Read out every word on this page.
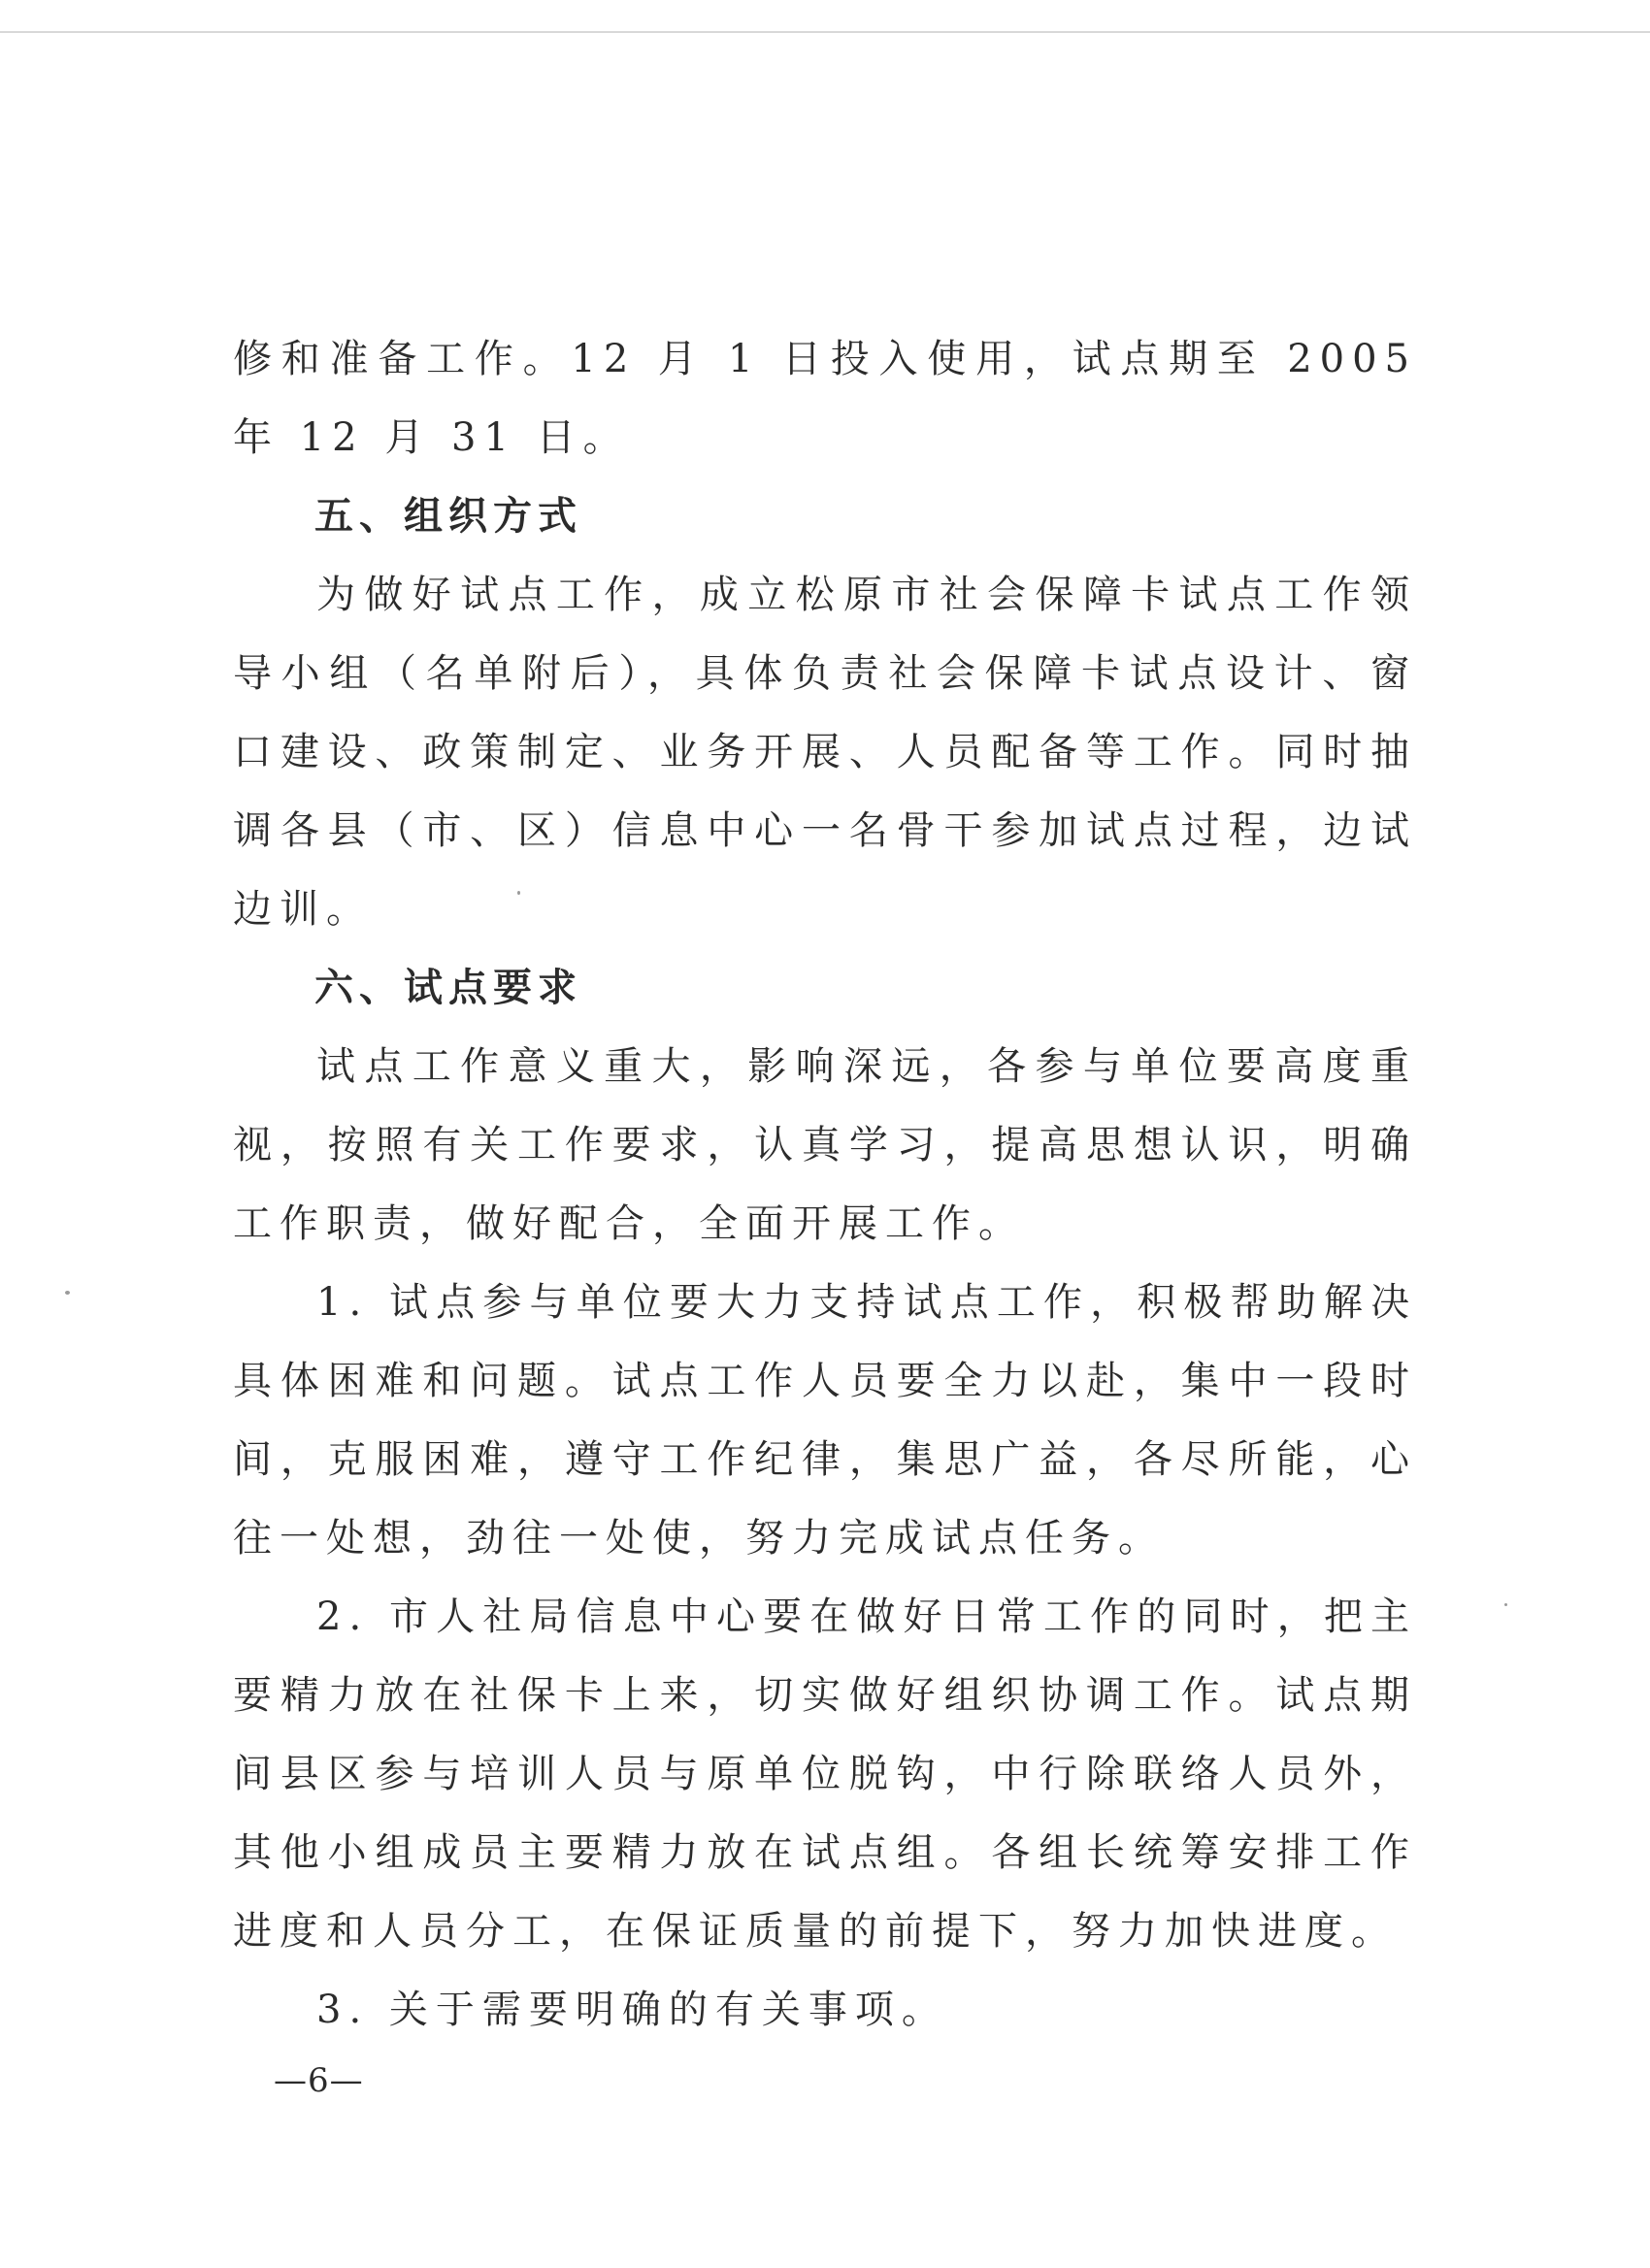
修和准备工作。12 月 1 日投入使用，试点期至 2005 年 12 月 31 日。

五、组织方式

为做好试点工作，成立松原市社会保障卡试点工作领导小组（名单附后），具体负责社会保障卡试点设计、窗口建设、政策制定、业务开展、人员配备等工作。同时抽调各县（市、区）信息中心一名骨干参加试点过程，边试边训。

六、试点要求

试点工作意义重大，影响深远，各参与单位要高度重视，按照有关工作要求，认真学习，提高思想认识，明确工作职责，做好配合，全面开展工作。

1. 试点参与单位要大力支持试点工作，积极帮助解决具体困难和问题。试点工作人员要全力以赴，集中一段时间，克服困难，遵守工作纪律，集思广益，各尽所能，心往一处想，劲往一处使，努力完成试点任务。

2. 市人社局信息中心要在做好日常工作的同时，把主要精力放在社保卡上来，切实做好组织协调工作。试点期间县区参与培训人员与原单位脱钩，中行除联络人员外，其他小组成员主要精力放在试点组。各组长统筹安排工作进度和人员分工，在保证质量的前提下，努力加快进度。

3. 关于需要明确的有关事项。

—6—
